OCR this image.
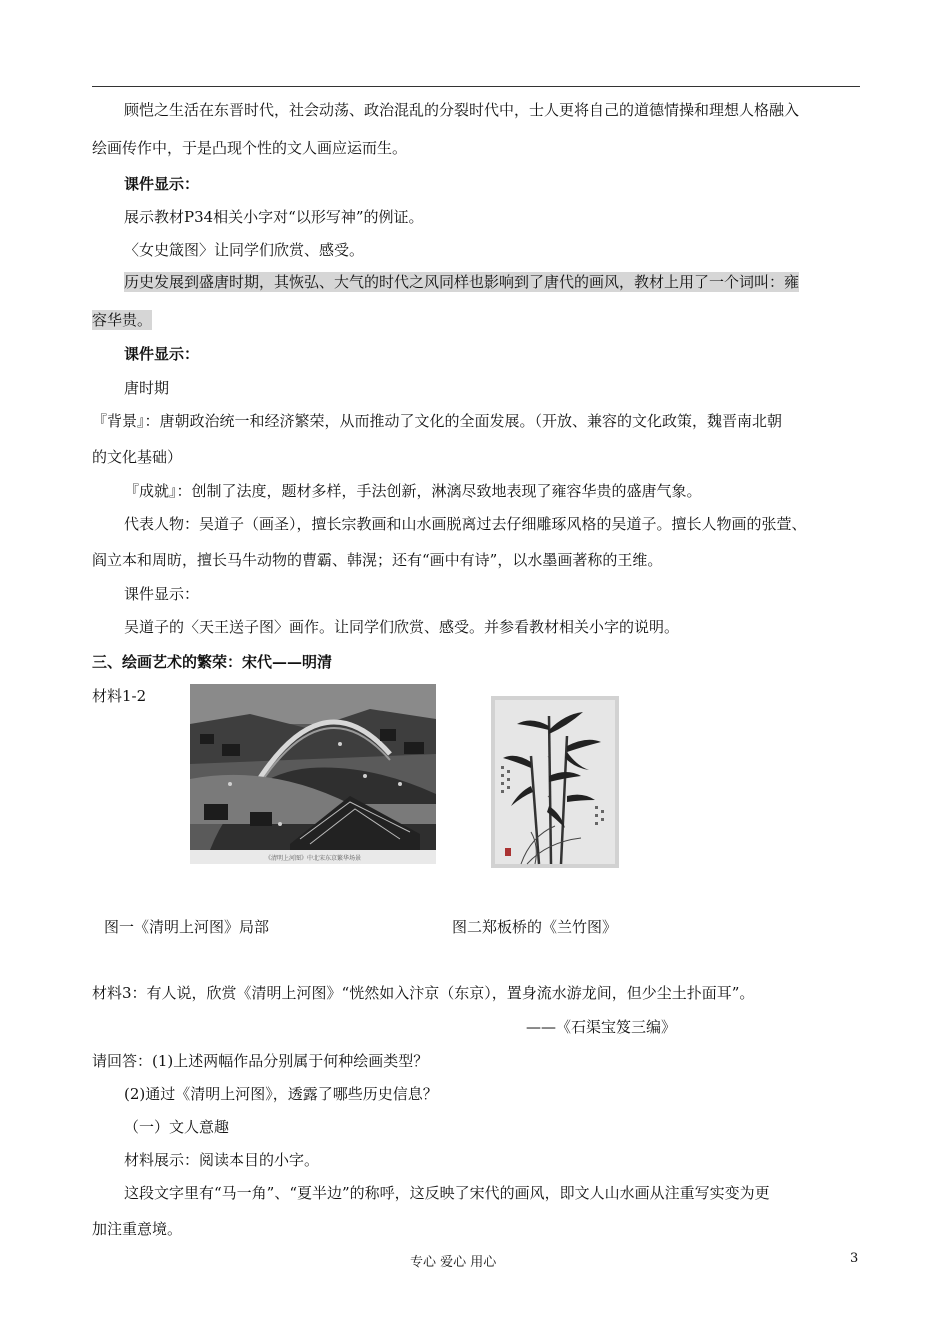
顾恺之生活在东晋时代，社会动荡、政治混乱的分裂时代中，士人更将自己的道德情操和理想人格融入
绘画传作中，于是凸现个性的文人画应运而生。
课件显示：
展示教材P34相关小字对“以形写神”的例证。
〈女史箴图〉让同学们欣赏、感受。
历史发展到盛唐时期，其恢弘、大气的时代之风同样也影响到了唐代的画风，教材上用了一个词叫：雍
容华贵。
课件显示：
唐时期
『背景』：唐朝政治统一和经济繁荣，从而推动了文化的全面发展。（开放、兼容的文化政策，魏晋南北朝
的文化基础）
『成就』：创制了法度，题材多样，手法创新，淋漓尽致地表现了雍容华贵的盛唐气象。
代表人物：吴道子（画圣），擅长宗教画和山水画脱离过去仔细雕琢风格的吴道子。擅长人物画的张萱、
阎立本和周昉，擅长马牛动物的曹霸、韩滉；还有“画中有诗”，以水墨画著称的王维。
课件显示：
吴道子的〈天王送子图〉画作。让同学们欣赏、感受。并参看教材相关小字的说明。
三、绘画艺术的繁荣：宋代——明清
材料1-2
《清明上河图》中北宋东京繁华场景
图一《清明上河图》局部	图二郑板桥的《兰竹图》
材料3：有人说，欣赏《清明上河图》“恍然如入汴京（东京），置身流水游龙间，但少尘土扑面耳”。
——《石渠宝笈三编》
请回答：(1)上述两幅作品分别属于何种绘画类型？
(2)通过《清明上河图》，透露了哪些历史信息？
（一）文人意趣
材料展示：阅读本目的小字。
这段文字里有“马一角”、“夏半边”的称呼，这反映了宋代的画风，即文人山水画从注重写实变为更
加注重意境。
专心 爱心 用心	3
